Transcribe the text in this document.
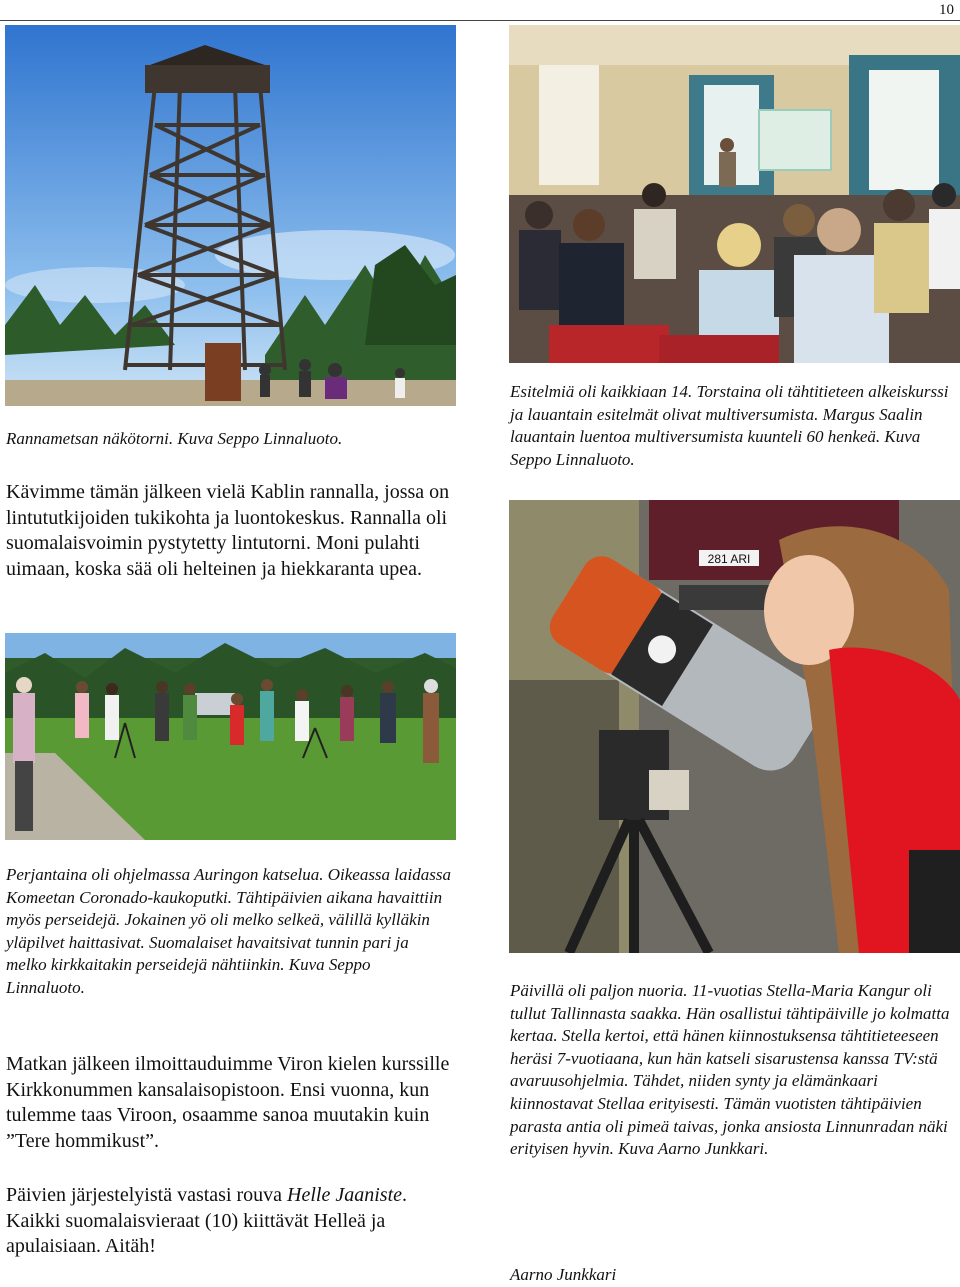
10
281 ARI
Rannametsan näkötorni. Kuva Seppo Linnaluoto.
Kävimme tämän jälkeen vielä Kablin rannalla, jossa on lintututkijoiden tukikohta ja luontokeskus. Rannalla oli suomalaisvoimin pystytetty lintutorni. Moni pulahti uimaan, koska sää oli helteinen ja hiekkaranta upea.
Esitelmiä oli kaikkiaan 14. Torstaina oli tähtitieteen alkeiskurssi ja lauantain esitelmät olivat multiversumista. Margus Saalin lauantain luentoa multiversumista kuunteli 60 henkeä. Kuva Seppo Linnaluoto.
Perjantaina oli ohjelmassa Auringon katselua. Oikeassa laidassa Komeetan Coronado-kaukoputki. Tähtipäivien aikana havaittiin myös perseidejä. Jokainen yö oli melko selkeä, välillä kylläkin yläpilvet haittasivat. Suomalaiset havaitsivat tunnin pari ja melko kirkkaitakin perseidejä nähtiinkin. Kuva Seppo Linnaluoto.
Matkan jälkeen ilmoittauduimme Viron kielen kurssille Kirkkonummen kansalaisopistoon. Ensi vuonna, kun tulemme taas Viroon, osaamme sanoa muutakin kuin ”Tere hommikust”.
Päivien järjestelyistä vastasi rouva Helle Jaaniste. Kaikki suomalaisvieraat (10) kiittävät Helleä ja apulaisiaan. Aitäh!
Päivillä oli paljon nuoria. 11-vuotias Stella-Maria Kangur oli tullut Tallinnasta saakka. Hän osallistui tähtipäiville jo kolmatta kertaa. Stella kertoi, että hänen kiinnostuksensa tähtitieteeseen heräsi 7-vuotiaana, kun hän katseli sisarustensa kanssa TV:stä avaruusohjelmia. Tähdet, niiden synty ja elämänkaari kiinnostavat Stellaa erityisesti. Tämän vuotisten tähtipäivien parasta antia oli pimeä taivas, jonka ansiosta Linnunradan näki erityisen hyvin. Kuva Aarno Junkkari.
Aarno Junkkari
